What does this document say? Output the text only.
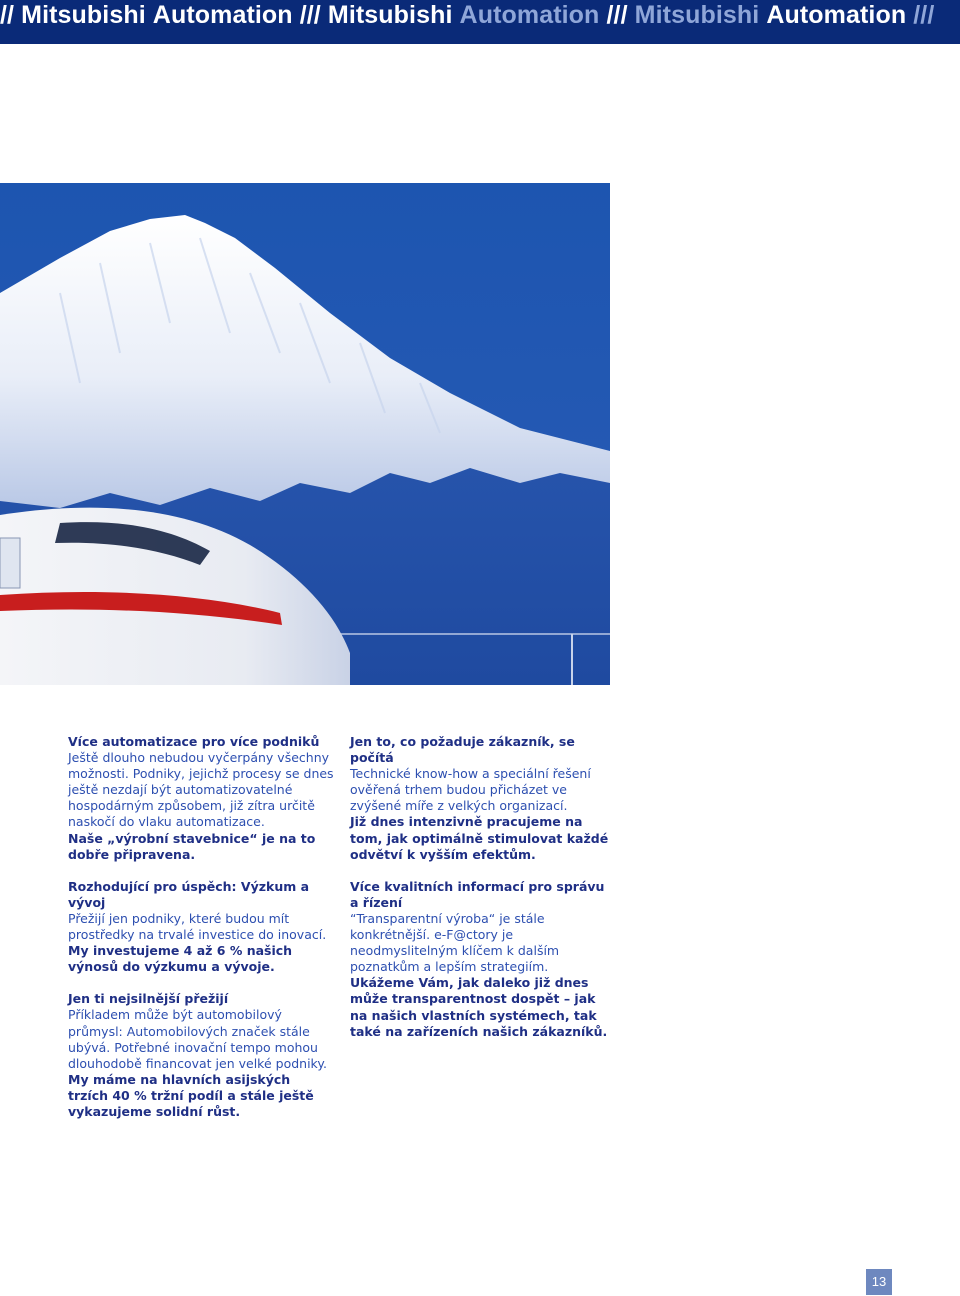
// Mitsubishi Automation /// Mitsubishi Automation /// Mitsubishi Automation ///

Více automatizace pro více podniků

Ještě dlouho nebudou vyčerpány všechny možnosti. Podniky, jejichž procesy se dnes ještě nezdají být automatizovatelné hospodárným způsobem, již zítra určitě naskočí do vlaku automatizace.

Naše „výrobní stavebnice“ je na to dobře připravena.

Rozhodující pro úspěch: Výzkum a vývoj

Přežijí jen podniky, které budou mít prostředky na trvalé investice do inovací.

My investujeme 4 až 6 % našich výnosů do výzkumu a vývoje.

Jen ti nejsilnější přežijí

Příkladem může být automobilový průmysl: Automobilových značek stále ubývá. Potřebné inovační tempo mohou dlouhodobě financovat jen velké podniky.

My máme na hlavních asijských trzích 40 % tržní podíl a stále ještě vykazujeme solidní růst.

Jen to, co požaduje zákazník, se počítá

Technické know-how a speciální řešení ověřená trhem budou přicházet ve zvýšené míře z velkých organizací.

Již dnes intenzivně pracujeme na tom, jak optimálně stimulovat každé odvětví k vyšším efektům.

Více kvalitních informací pro správu a řízení

“Transparentní výroba“ je stále konkrétnější. e-F@ctory je neodmyslitelným klíčem k dalším poznatkům a lepším strategiím.

Ukážeme Vám, jak daleko již dnes může transparentnost dospět – jak na našich vlastních systémech, tak také na zařízeních našich zákazníků.

13
